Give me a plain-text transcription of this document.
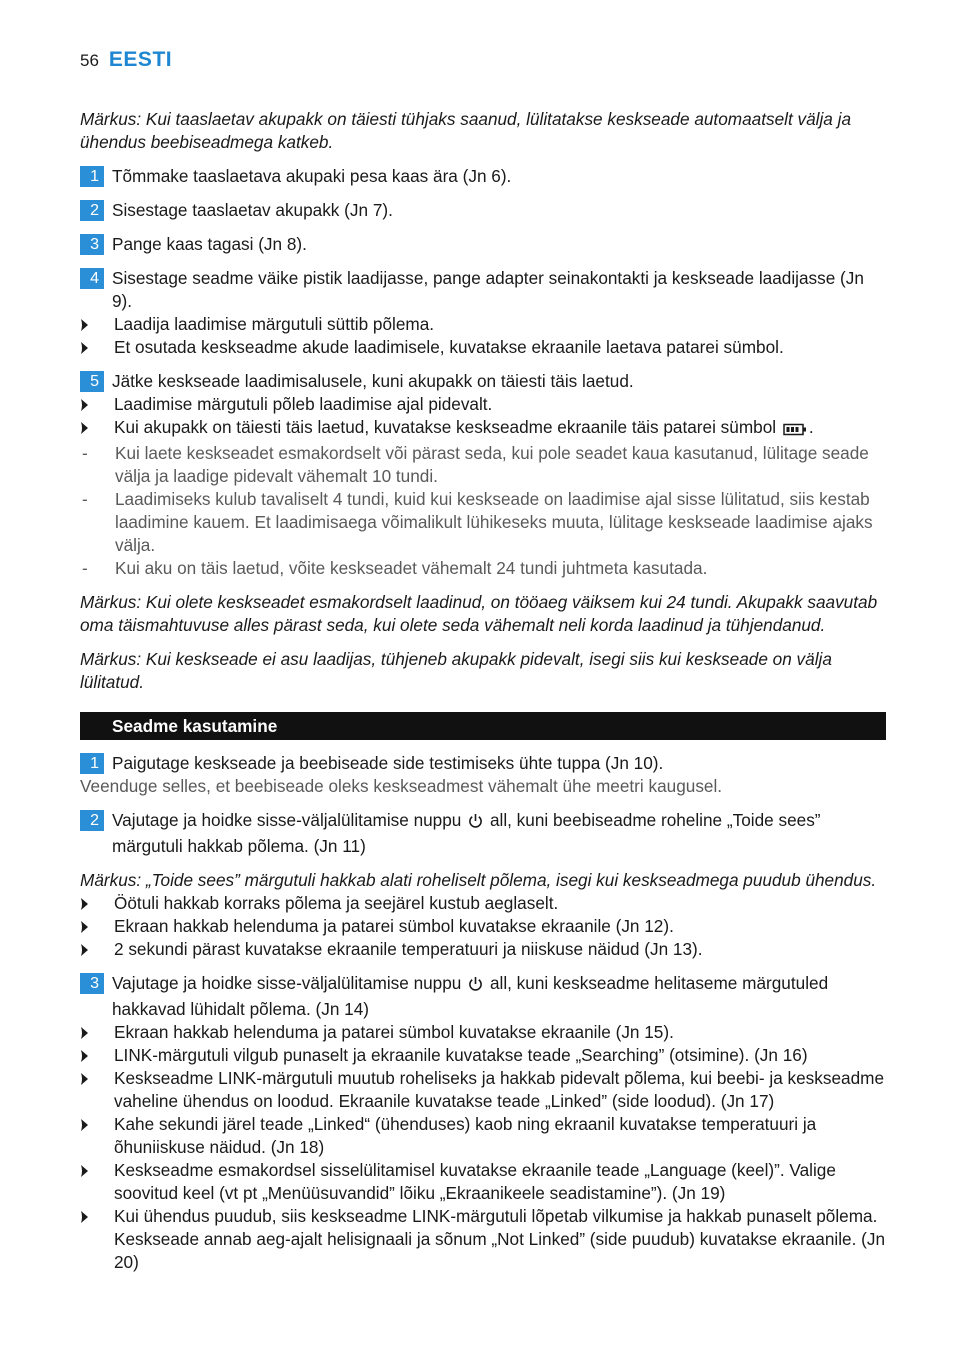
56 EESTI

Märkus: Kui taaslaetav akupakk on täiesti tühjaks saanud, lülitatakse keskseade automaatselt välja ja ühendus beebiseadmega katkeb.

1 Tõmmake taaslaetava akupaki pesa kaas ära (Jn 6).
2 Sisestage taaslaetav akupakk (Jn 7).
3 Pange kaas tagasi (Jn 8).
4 Sisestage seadme väike pistik laadijasse, pange adapter seinakontakti ja keskseade laadijasse (Jn 9).
Laadija laadimise märgutuli süttib põlema.
Et osutada keskseadme akude laadimisele, kuvatakse ekraanile laetava patarei sümbol.
5 Jätke keskseade laadimisalusele, kuni akupakk on täiesti täis laetud.
Laadimise märgutuli põleb laadimise ajal pidevalt.
Kui akupakk on täiesti täis laetud, kuvatakse keskseadme ekraanile täis patarei sümbol .
-	Kui laete keskseadet esmakordselt või pärast seda, kui pole seadet kaua kasutanud, lülitage seade välja ja laadige pidevalt vähemalt 10 tundi.
-	Laadimiseks kulub tavaliselt 4 tundi, kuid kui keskseade on laadimise ajal sisse lülitatud, siis kestab laadimine kauem. Et laadimisaega võimalikult lühikeseks muuta, lülitage keskseade laadimise ajaks välja.
-	Kui aku on täis laetud, võite keskseadet vähemalt 24 tundi juhtmeta kasutada.

Märkus: Kui olete keskseadet esmakordselt laadinud, on tööaeg väiksem kui 24 tundi. Akupakk saavutab oma täismahtuvuse alles pärast seda, kui olete seda vähemalt neli korda laadinud ja tühjendanud.

Märkus: Kui keskseade ei asu laadijas, tühjeneb akupakk pidevalt, isegi siis kui keskseade on välja lülitatud.

Seadme kasutamine
1 Paigutage keskseade ja beebiseade side testimiseks ühte tuppa (Jn 10).

Veenduge selles, et beebiseade oleks keskseadmest vähemalt ühe meetri kaugusel.

2 Vajutage ja hoidke sisse-väljalülitamise nuppu all, kuni beebiseadme roheline „Toide sees” märgutuli hakkab põlema. (Jn 11)

Märkus: „Toide sees” märgutuli hakkab alati roheliselt põlema, isegi kui keskseadmega puudub ühendus.

Öötuli hakkab korraks põlema ja seejärel kustub aeglaselt.
Ekraan hakkab helenduma ja patarei sümbol kuvatakse ekraanile (Jn 12).
2 sekundi pärast kuvatakse ekraanile temperatuuri ja niiskuse näidud (Jn 13).
3 Vajutage ja hoidke sisse-väljalülitamise nuppu all, kuni keskseadme helitaseme märgutuled hakkavad lühidalt põlema. (Jn 14)
Ekraan hakkab helenduma ja patarei sümbol kuvatakse ekraanile (Jn 15).
LINK-märgutuli vilgub punaselt ja ekraanile kuvatakse teade „Searching” (otsimine). (Jn 16)
Keskseadme LINK-märgutuli muutub roheliseks ja hakkab pidevalt põlema, kui beebi- ja keskseadme vaheline ühendus on loodud. Ekraanile kuvatakse teade „Linked” (side loodud). (Jn 17)
Kahe sekundi järel teade „Linked“ (ühenduses) kaob ning ekraanil kuvatakse temperatuuri ja õhuniiskuse näidud. (Jn 18)
Keskseadme esmakordsel sisselülitamisel kuvatakse ekraanile teade „Language (keel)”. Valige soovitud keel (vt pt „Menüüsuvandid” lõiku „Ekraanikeele seadistamine”). (Jn 19)
Kui ühendus puudub, siis keskseadme LINK-märgutuli lõpetab vilkumise ja hakkab punaselt põlema. Keskseade annab aeg-ajalt helisignaali ja sõnum „Not Linked” (side puudub) kuvatakse ekraanile. (Jn 20)
